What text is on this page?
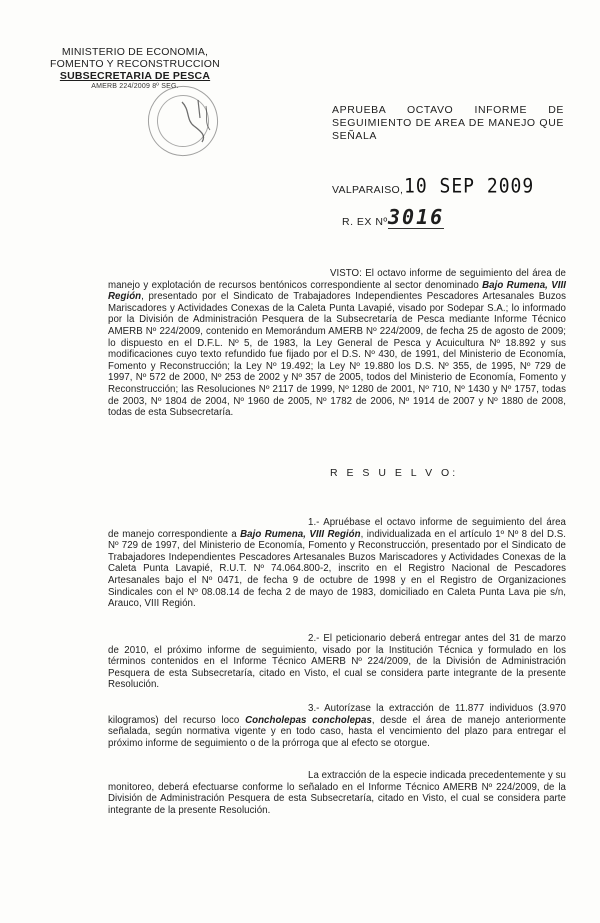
MINISTERIO DE ECONOMIA,
FOMENTO Y RECONSTRUCCION
SUBSECRETARIA DE PESCA
AMERB 224/2009 8º SEG.
APRUEBA OCTAVO INFORME DE SEGUIMIENTO DE AREA DE MANEJO QUE SEÑALA
VALPARAISO, 10 SEP 2009
R. EX Nº 3016

VISTO: El octavo informe de seguimiento del área de manejo y explotación de recursos bentónicos correspondiente al sector denominado Bajo Rumena, VIII Región, presentado por el Sindicato de Trabajadores Independientes Pescadores Artesanales Buzos Mariscadores y Actividades Conexas de la Caleta Punta Lavapié, visado por Sodepar S.A.; lo informado por la División de Administración Pesquera de la Subsecretaría de Pesca mediante Informe Técnico AMERB Nº 224/2009, contenido en Memorándum AMERB Nº 224/2009, de fecha 25 de agosto de 2009; lo dispuesto en el D.F.L. Nº 5, de 1983, la Ley General de Pesca y Acuicultura Nº 18.892 y sus modificaciones cuyo texto refundido fue fijado por el D.S. Nº 430, de 1991, del Ministerio de Economía, Fomento y Reconstrucción; la Ley Nº 19.492; la Ley Nº 19.880 los D.S. Nº 355, de 1995, Nº 729 de 1997, Nº 572 de 2000, Nº 253 de 2002 y Nº 357 de 2005, todos del Ministerio de Economía, Fomento y Reconstrucción; las Resoluciones Nº 2117 de 1999, Nº 1280 de 2001, Nº 710, Nº 1430 y Nº 1757, todas de 2003, Nº 1804 de 2004, Nº 1960 de 2005, Nº 1782 de 2006, Nº 1914 de 2007 y Nº 1880 de 2008, todas de esta Subsecretaría.

R E S U E L V O:

1.- Apruébase el octavo informe de seguimiento del área de manejo correspondiente a Bajo Rumena, VIII Región, individualizada en el artículo 1º Nº 8 del D.S. Nº 729 de 1997, del Ministerio de Economía, Fomento y Reconstrucción, presentado por el Sindicato de Trabajadores Independientes Pescadores Artesanales Buzos Mariscadores y Actividades Conexas de la Caleta Punta Lavapié, R.U.T. Nº 74.064.800-2, inscrito en el Registro Nacional de Pescadores Artesanales bajo el Nº 0471, de fecha 9 de octubre de 1998 y en el Registro de Organizaciones Sindicales con el Nº 08.08.14 de fecha 2 de mayo de 1983, domiciliado en Caleta Punta Lava pie s/n, Arauco, VIII Región.

2.- El peticionario deberá entregar antes del 31 de marzo de 2010, el próximo informe de seguimiento, visado por la Institución Técnica y formulado en los términos contenidos en el Informe Técnico AMERB Nº 224/2009, de la División de Administración Pesquera de esta Subsecretaría, citado en Visto, el cual se considera parte integrante de la presente Resolución.

3.- Autorízase la extracción de 11.877 individuos (3.970 kilogramos) del recurso loco Concholepas concholepas, desde el área de manejo anteriormente señalada, según normativa vigente y en todo caso, hasta el vencimiento del plazo para entregar el próximo informe de seguimiento o de la prórroga que al efecto se otorgue.

La extracción de la especie indicada precedentemente y su monitoreo, deberá efectuarse conforme lo señalado en el Informe Técnico AMERB Nº 224/2009, de la División de Administración Pesquera de esta Subsecretaría, citado en Visto, el cual se considera parte integrante de la presente Resolución.
